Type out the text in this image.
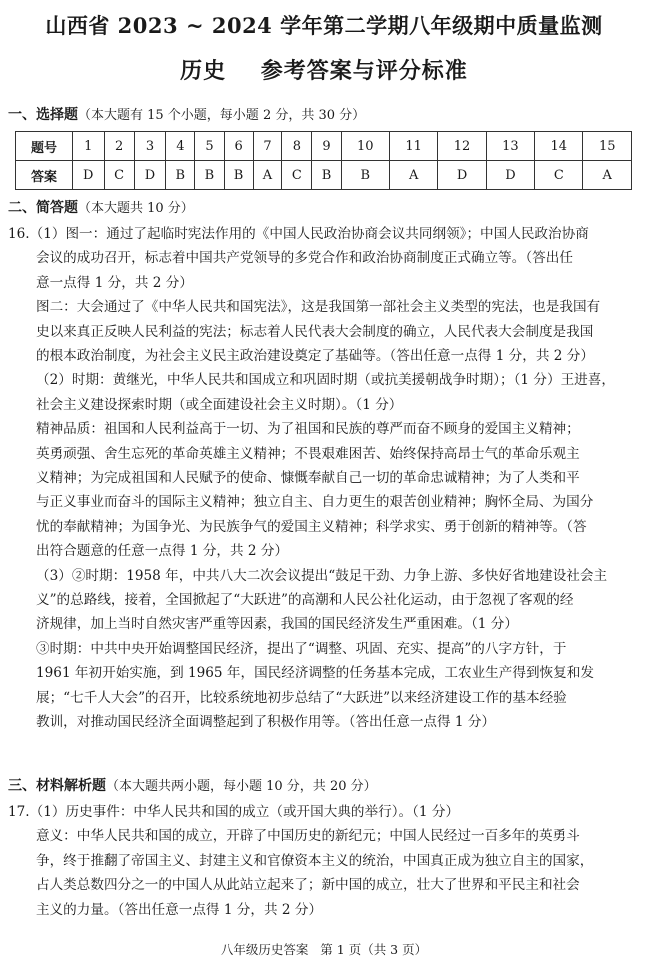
山西省 2023 ~ 2024 学年第二学期八年级期中质量监测
历史    参考答案与评分标准
一、选择题（本大题有 15 个小题，每小题 2 分，共 30 分）
题号	1	2	3	4	5	6	7	8	9	10	11	12	13	14	15
答案	D	C	D	B	B	B	A	C	B	B	A	D	D	C	A
二、简答题（本大题共 10 分）
16.（1）图一：通过了起临时宪法作用的《中国人民政治协商会议共同纲领》；中国人民政治协商
会议的成功召开，标志着中国共产党领导的多党合作和政治协商制度正式确立等。（答出任
意一点得 1 分，共 2 分）
图二：大会通过了《中华人民共和国宪法》，这是我国第一部社会主义类型的宪法，也是我国有
史以来真正反映人民利益的宪法；标志着人民代表大会制度的确立，人民代表大会制度是我国
的根本政治制度，为社会主义民主政治建设奠定了基础等。（答出任意一点得 1 分，共 2 分）
（2）时期：黄继光，中华人民共和国成立和巩固时期（或抗美援朝战争时期）；（1 分）王进喜，
社会主义建设探索时期（或全面建设社会主义时期）。（1 分）
精神品质：祖国和人民利益高于一切、为了祖国和民族的尊严而奋不顾身的爱国主义精神；
英勇顽强、舍生忘死的革命英雄主义精神；不畏艰难困苦、始终保持高昂士气的革命乐观主
义精神；为完成祖国和人民赋予的使命、慷慨奉献自己一切的革命忠诚精神；为了人类和平
与正义事业而奋斗的国际主义精神；独立自主、自力更生的艰苦创业精神；胸怀全局、为国分
忧的奉献精神；为国争光、为民族争气的爱国主义精神；科学求实、勇于创新的精神等。（答
出符合题意的任意一点得 1 分，共 2 分）
（3）②时期：1958 年，中共八大二次会议提出“鼓足干劲、力争上游、多快好省地建设社会主
义”的总路线，接着，全国掀起了“大跃进”的高潮和人民公社化运动，由于忽视了客观的经
济规律，加上当时自然灾害严重等因素，我国的国民经济发生严重困难。（1 分）
③时期：中共中央开始调整国民经济，提出了“调整、巩固、充实、提高”的八字方针，于
1961 年初开始实施，到 1965 年，国民经济调整的任务基本完成，工农业生产得到恢复和发
展；“七千人大会”的召开，比较系统地初步总结了“大跃进”以来经济建设工作的基本经验
教训，对推动国民经济全面调整起到了积极作用等。（答出任意一点得 1 分）
三、材料解析题（本大题共两小题，每小题 10 分，共 20 分）
17.（1）历史事件：中华人民共和国的成立（或开国大典的举行）。（1 分）
意义：中华人民共和国的成立，开辟了中国历史的新纪元；中国人民经过一百多年的英勇斗
争，终于推翻了帝国主义、封建主义和官僚资本主义的统治，中国真正成为独立自主的国家，
占人类总数四分之一的中国人从此站立起来了；新中国的成立，壮大了世界和平民主和社会
主义的力量。（答出任意一点得 1 分，共 2 分）
八年级历史答案   第 1 页（共 3 页）
